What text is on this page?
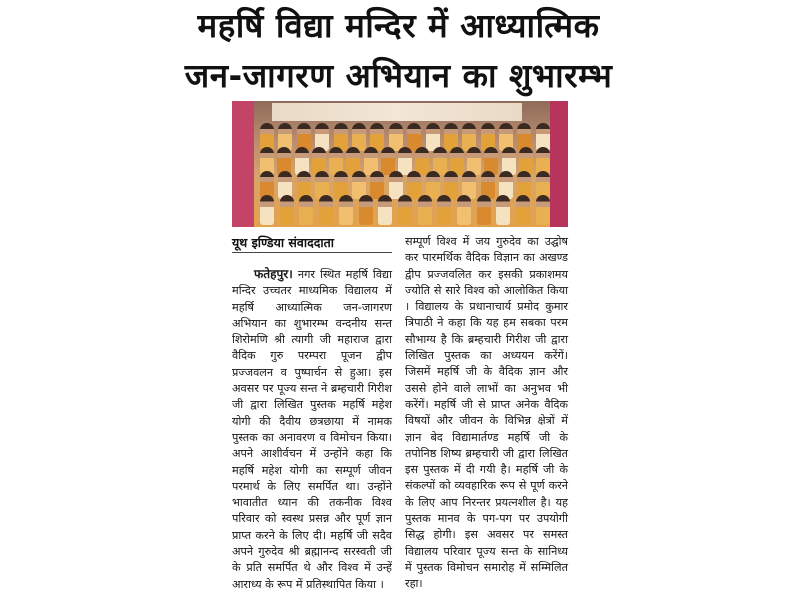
महर्षि विद्या मन्दिर में आध्यात्मिक
जन-जागरण अभियान का शुभारम्भ
यूथ इण्डिया संवाददाता
फतेहपुर। नगर स्थित महर्षि विद्या मन्दिर उच्चतर माध्यमिक विद्यालय में महर्षि आध्यात्मिक जन-जागरण अभियान का शुभारम्भ वन्दनीय सन्त शिरोमणि श्री त्यागी जी महाराज द्वारा वैदिक गुरु परम्परा पूजन द्वीप प्रज्जवलन व पुष्पार्चन से हुआ। इस अवसर पर पूज्य सन्त ने ब्रम्हचारी गिरीश जी द्वारा लिखित पुस्तक महर्षि महेश योगी की दैवीय छत्रछाया में नामक पुस्तक का अनावरण व विमोचन किया। अपने आशीर्वचन में उन्होंने कहा कि महर्षि महेश योगी का सम्पूर्ण जीवन परमार्थ के लिए समर्पित था। उन्होंने भावातीत ध्यान की तकनीक विश्व परिवार को स्वस्थ प्रसन्न और पूर्ण ज्ञान प्राप्त करने के लिए दी। महर्षि जी सदैव अपने गुरुदेव श्री ब्रह्मानन्द सरस्वती जी के प्रति समर्पित थे और विश्व में उन्हें आराध्य के रूप में प्रतिस्थापित किया ।
सम्पूर्ण विश्व में जय गुरुदेव का उद्घोष कर पारमर्थिक वैदिक विज्ञान का अखण्ड द्वीप प्रज्जवलित कर इसकी प्रकाशमय ज्योति से सारे विश्व को आलोकित किया । विद्यालय के प्रधानाचार्य प्रमोद कुमार त्रिपाठी ने कहा कि यह हम सबका परम सौभाग्य है कि ब्रम्हचारी गिरीश जी द्वारा लिखित पुस्तक का अध्ययन करेंगें। जिसमें महर्षि जी के वैदिक ज्ञान और उससे होने वाले लाभों का अनुभव भी करेंगें। महर्षि जी से प्राप्त अनेक वैदिक विषयों और जीवन के विभिन्न क्षेत्रों में ज्ञान बेद विद्यामार्तण्ड महर्षि जी के तपोनिष्ठ शिष्य ब्रम्हचारी जी द्वारा लिखित इस पुस्तक में दी गयी है। महर्षि जी के संकल्पों को व्यवहारिक रूप से पूर्ण करने के लिए आप निरन्तर प्रयत्नशील है। यह पुस्तक मानव के पग-पग पर उपयोगी सिद्ध होगी। इस अवसर पर समस्त विद्यालय परिवार पूज्य सन्त के सानिध्य में पुस्तक विमोचन समारोह में सम्मिलित रहा।
